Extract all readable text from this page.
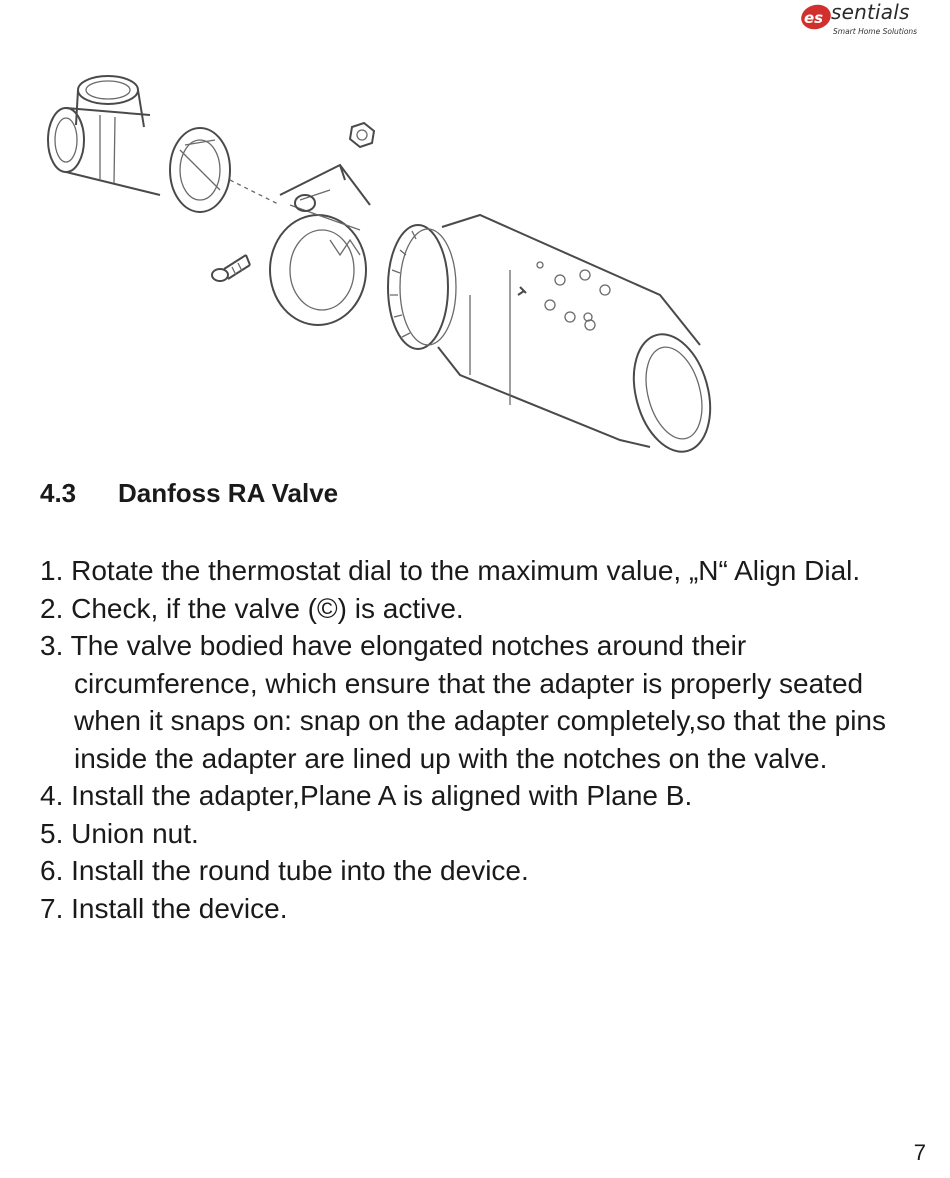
es sentials
Smart Home Solutions
4.3 Danfoss RA Valve
1. Rotate the thermostat dial to the maximum value, „N“ Align Dial.
2. Check, if the valve (©) is active.
3. The valve bodied have elongated notches around their circumference, which ensure that the adapter is properly seated when it snaps on: snap on the adapter completely,so that the pins inside the adapter are lined up with the notches on the valve.
4. Install the adapter,Plane A is aligned with Plane B.
5. Union nut.
6. Install the round tube into the device.
7. Install the device.
7
